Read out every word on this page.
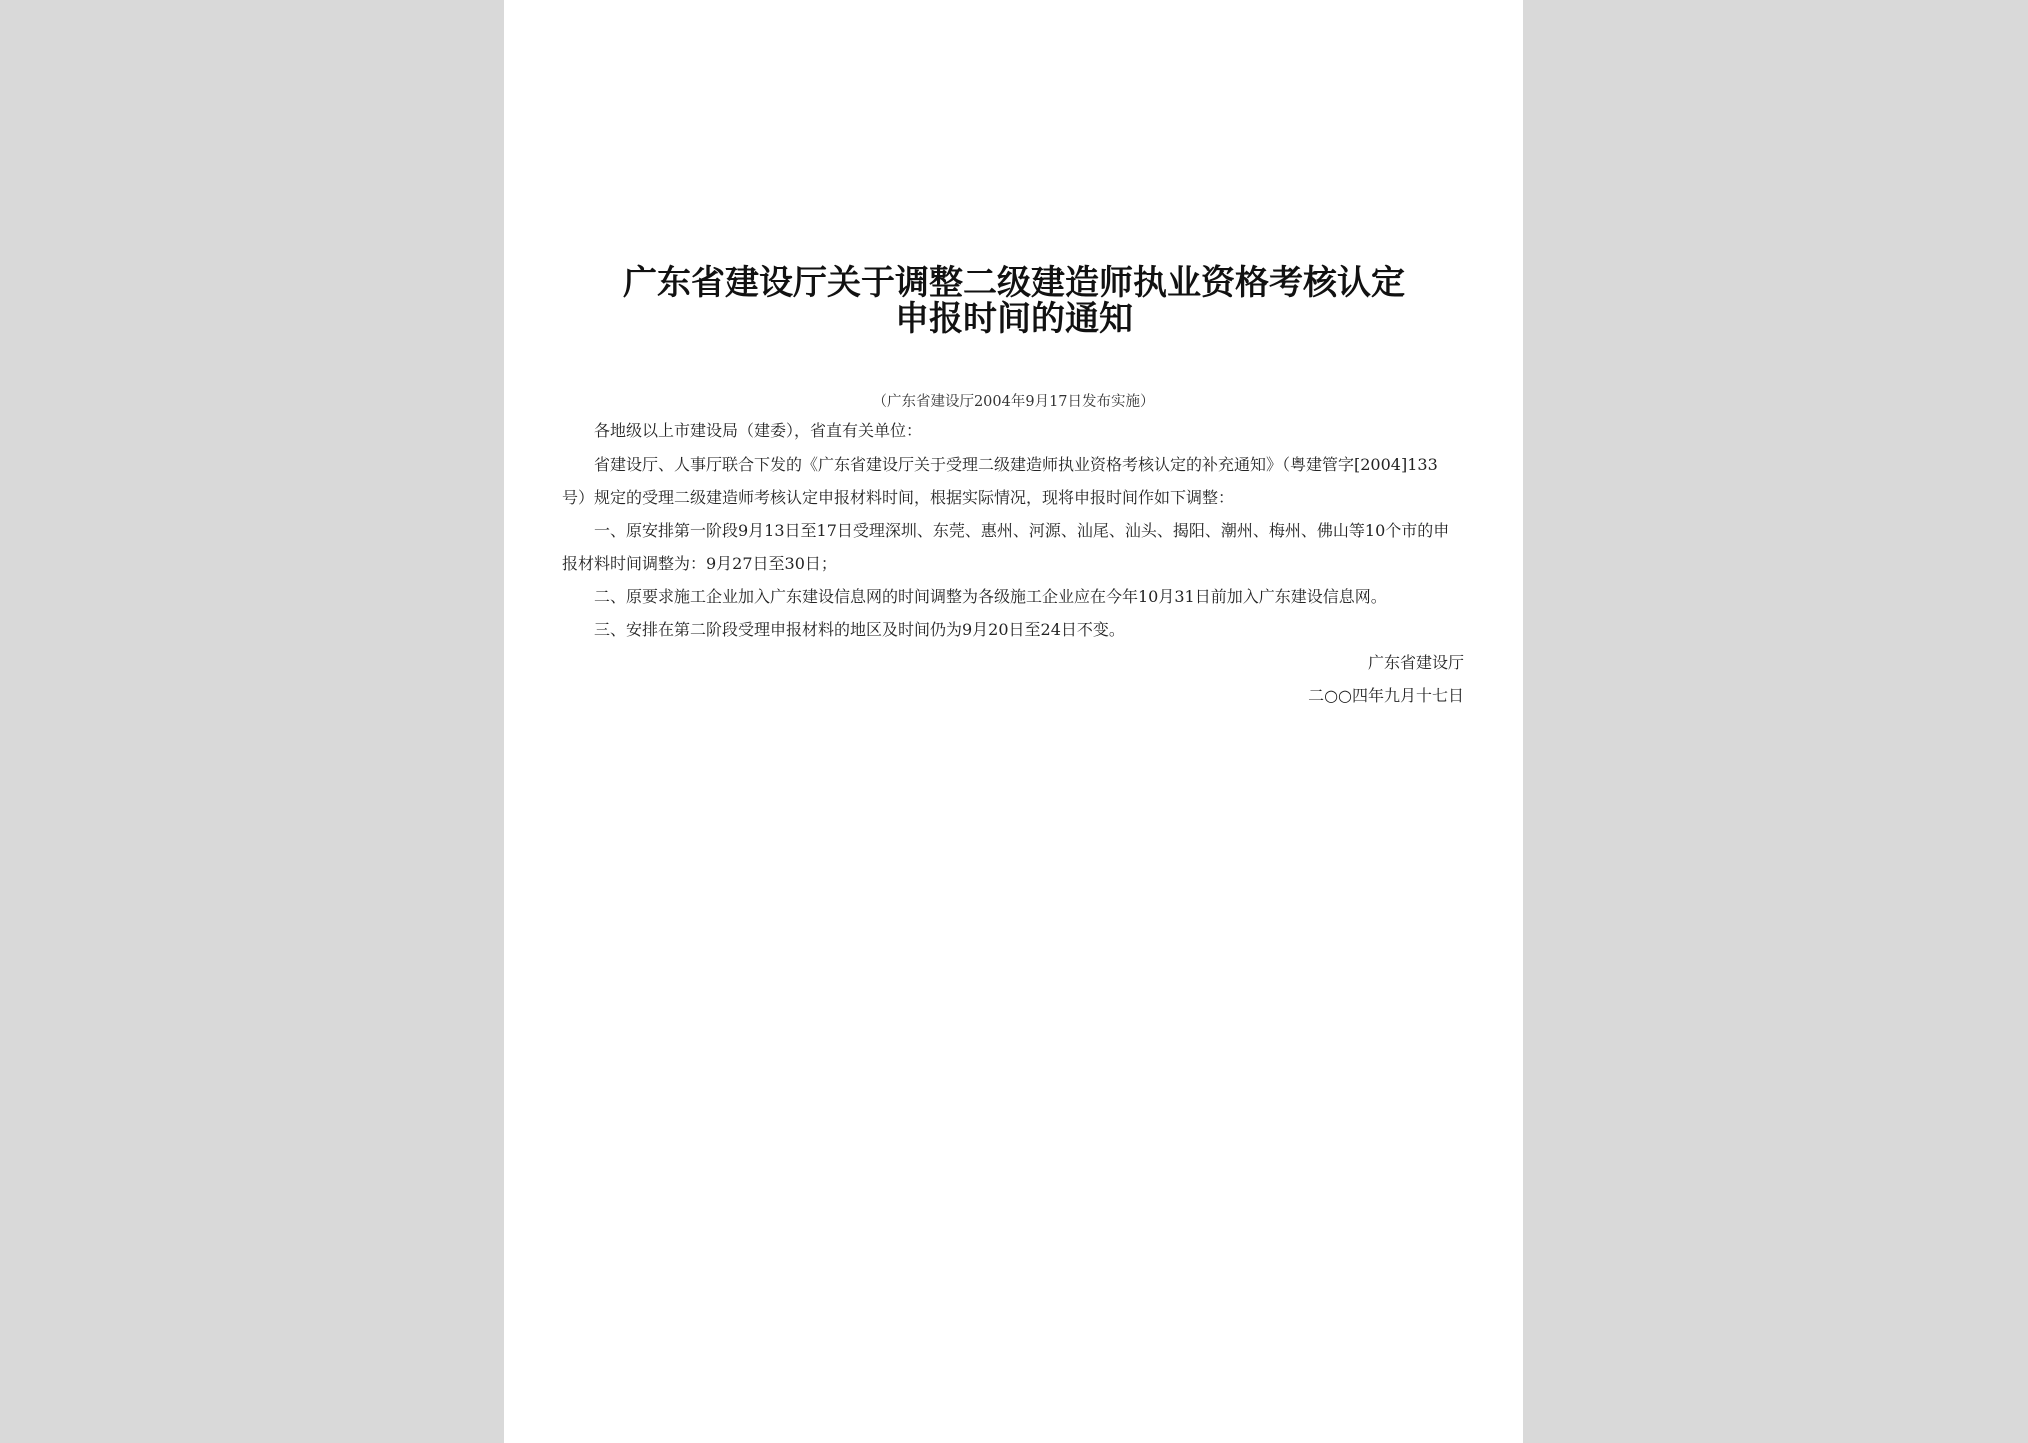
广东省建设厅关于调整二级建造师执业资格考核认定
申报时间的通知
（广东省建设厅2004年9月17日发布实施）
各地级以上市建设局（建委），省直有关单位：
省建设厅、人事厅联合下发的《广东省建设厅关于受理二级建造师执业资格考核认定的补充通知》（粤建管字[2004]133
号）规定的受理二级建造师考核认定申报材料时间，根据实际情况，现将申报时间作如下调整：
一、原安排第一阶段9月13日至17日受理深圳、东莞、惠州、河源、汕尾、汕头、揭阳、潮州、梅州、佛山等10个市的申
报材料时间调整为：9月27日至30日；
二、原要求施工企业加入广东建设信息网的时间调整为各级施工企业应在今年10月31日前加入广东建设信息网。
三、安排在第二阶段受理申报材料的地区及时间仍为9月20日至24日不变。
广东省建设厅
二○○四年九月十七日
